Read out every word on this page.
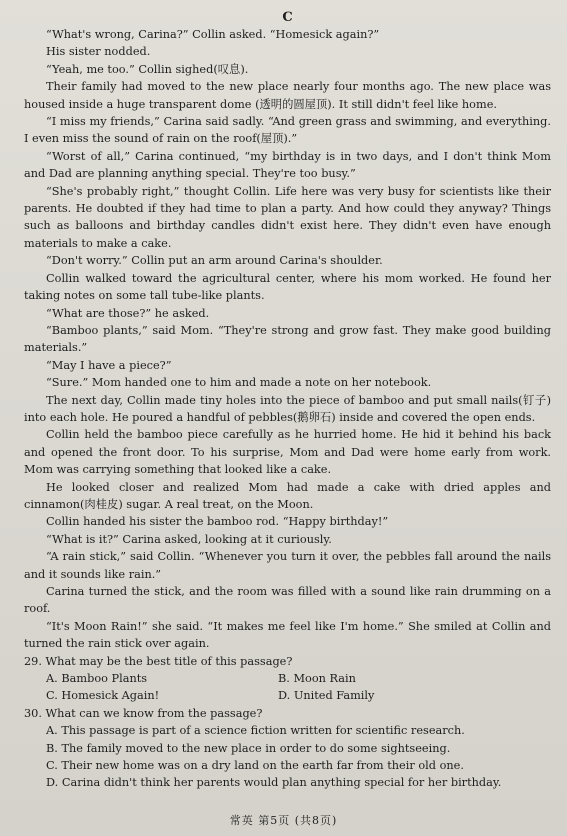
C

“What's wrong, Carina?” Collin asked. “Homesick again?”

His sister nodded.

“Yeah, me too.” Collin sighed(叹息).

Their family had moved to the new place nearly four months ago. The new place was housed inside a huge transparent dome (透明的圆屋顶). It still didn't feel like home.

“I miss my friends,” Carina said sadly. “And green grass and swimming, and everything. I even miss the sound of rain on the roof(屋顶).”

“Worst of all,” Carina continued, “my birthday is in two days, and I don't think Mom and Dad are planning anything special. They're too busy.”

“She's probably right,” thought Collin. Life here was very busy for scientists like their parents. He doubted if they had time to plan a party. And how could they anyway? Things such as balloons and birthday candles didn't exist here. They didn't even have enough materials to make a cake.

“Don't worry.” Collin put an arm around Carina's shoulder.

Collin walked toward the agricultural center, where his mom worked. He found her taking notes on some tall tube-like plants.

“What are those?” he asked.

“Bamboo plants,” said Mom. “They're strong and grow fast. They make good building materials.”

“May I have a piece?”

“Sure.” Mom handed one to him and made a note on her notebook.

The next day, Collin made tiny holes into the piece of bamboo and put small nails(钉子) into each hole. He poured a handful of pebbles(鹅卵石) inside and covered the open ends.

Collin held the bamboo piece carefully as he hurried home. He hid it behind his back and opened the front door. To his surprise, Mom and Dad were home early from work. Mom was carrying something that looked like a cake.

He looked closer and realized Mom had made a cake with dried apples and cinnamon(肉桂皮) sugar. A real treat, on the Moon.

Collin handed his sister the bamboo rod. “Happy birthday!”

“What is it?” Carina asked, looking at it curiously.

“A rain stick,” said Collin. “Whenever you turn it over, the pebbles fall around the nails and it sounds like rain.”

Carina turned the stick, and the room was filled with a sound like rain drumming on a roof.

“It's Moon Rain!” she said. “It makes me feel like I'm home.” She smiled at Collin and turned the rain stick over again.

29. What may be the best title of this passage?

A. Bamboo Plants	B. Moon Rain
C. Homesick Again!	D. United Family

30. What can we know from the passage?

A. This passage is part of a science fiction written for scientific research.

B. The family moved to the new place in order to do some sightseeing.

C. Their new home was on a dry land on the earth far from their old one.

D. Carina didn't think her parents would plan anything special for her birthday.

常英 第5页 (共8页)
